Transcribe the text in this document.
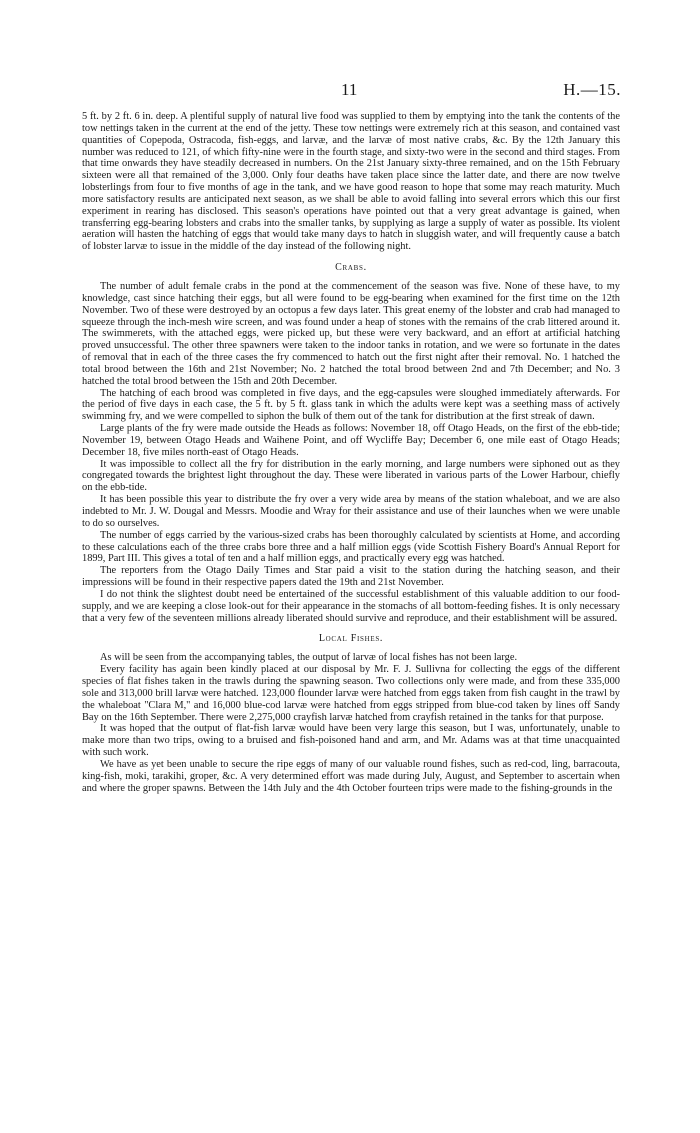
11	H.—15.

5 ft. by 2 ft. 6 in. deep. A plentiful supply of natural live food was supplied to them by emptying into the tank the contents of the tow nettings taken in the current at the end of the jetty. These tow nettings were extremely rich at this season, and contained vast quantities of Copepoda, Ostracoda, fish-eggs, and larvæ, and the larvæ of most native crabs, &c. By the 12th January this number was reduced to 121, of which fifty-nine were in the fourth stage, and sixty-two were in the second and third stages. From that time onwards they have steadily decreased in numbers. On the 21st January sixty-three remained, and on the 15th February sixteen were all that remained of the 3,000. Only four deaths have taken place since the latter date, and there are now twelve lobsterlings from four to five months of age in the tank, and we have good reason to hope that some may reach maturity. Much more satisfactory results are anticipated next season, as we shall be able to avoid falling into several errors which this our first experiment in rearing has disclosed. This season's operations have pointed out that a very great advantage is gained, when transferring egg-bearing lobsters and crabs into the smaller tanks, by supplying as large a supply of water as possible. Its violent aeration will hasten the hatching of eggs that would take many days to hatch in sluggish water, and will frequently cause a batch of lobster larvæ to issue in the middle of the day instead of the following night.

Crabs.

The number of adult female crabs in the pond at the commencement of the season was five. None of these have, to my knowledge, cast since hatching their eggs, but all were found to be egg-bearing when examined for the first time on the 12th November. Two of these were destroyed by an octopus a few days later. This great enemy of the lobster and crab had managed to squeeze through the inch-mesh wire screen, and was found under a heap of stones with the remains of the crab littered around it. The swimmerets, with the attached eggs, were picked up, but these were very backward, and an effort at artificial hatching proved unsuccessful. The other three spawners were taken to the indoor tanks in rotation, and we were so fortunate in the dates of removal that in each of the three cases the fry commenced to hatch out the first night after their removal. No. 1 hatched the total brood between the 16th and 21st November; No. 2 hatched the total brood between 2nd and 7th December; and No. 3 hatched the total brood between the 15th and 20th December.

The hatching of each brood was completed in five days, and the egg-capsules were sloughed immediately afterwards. For the period of five days in each case, the 5 ft. by 5 ft. glass tank in which the adults were kept was a seething mass of actively swimming fry, and we were compelled to siphon the bulk of them out of the tank for distribution at the first streak of dawn.

Large plants of the fry were made outside the Heads as follows: November 18, off Otago Heads, on the first of the ebb-tide; November 19, between Otago Heads and Waihene Point, and off Wycliffe Bay; December 6, one mile east of Otago Heads; December 18, five miles north-east of Otago Heads.

It was impossible to collect all the fry for distribution in the early morning, and large numbers were siphoned out as they congregated towards the brightest light throughout the day. These were liberated in various parts of the Lower Harbour, chiefly on the ebb-tide.

It has been possible this year to distribute the fry over a very wide area by means of the station whaleboat, and we are also indebted to Mr. J. W. Dougal and Messrs. Moodie and Wray for their assistance and use of their launches when we were unable to do so ourselves.

The number of eggs carried by the various-sized crabs has been thoroughly calculated by scientists at Home, and according to these calculations each of the three crabs bore three and a half million eggs (vide Scottish Fishery Board's Annual Report for 1899, Part III. This gives a total of ten and a half million eggs, and practically every egg was hatched.

The reporters from the Otago Daily Times and Star paid a visit to the station during the hatching season, and their impressions will be found in their respective papers dated the 19th and 21st November.

I do not think the slightest doubt need be entertained of the successful establishment of this valuable addition to our food-supply, and we are keeping a close look-out for their appearance in the stomachs of all bottom-feeding fishes. It is only necessary that a very few of the seventeen millions already liberated should survive and reproduce, and their establishment will be assured.

Local Fishes.

As will be seen from the accompanying tables, the output of larvæ of local fishes has not been large.

Every facility has again been kindly placed at our disposal by Mr. F. J. Sullivna for collecting the eggs of the different species of flat fishes taken in the trawls during the spawning season. Two collections only were made, and from these 335,000 sole and 313,000 brill larvæ were hatched. 123,000 flounder larvæ were hatched from eggs taken from fish caught in the trawl by the whaleboat "Clara M," and 16,000 blue-cod larvæ were hatched from eggs stripped from blue-cod taken by lines off Sandy Bay on the 16th September. There were 2,275,000 crayfish larvæ hatched from crayfish retained in the tanks for that purpose.

It was hoped that the output of flat-fish larvæ would have been very large this season, but I was, unfortunately, unable to make more than two trips, owing to a bruised and fish-poisoned hand and arm, and Mr. Adams was at that time unacquainted with such work.

We have as yet been unable to secure the ripe eggs of many of our valuable round fishes, such as red-cod, ling, barracouta, king-fish, moki, tarakihi, groper, &c. A very determined effort was made during July, August, and September to ascertain when and where the groper spawns. Between the 14th July and the 4th October fourteen trips were made to the fishing-grounds in the
